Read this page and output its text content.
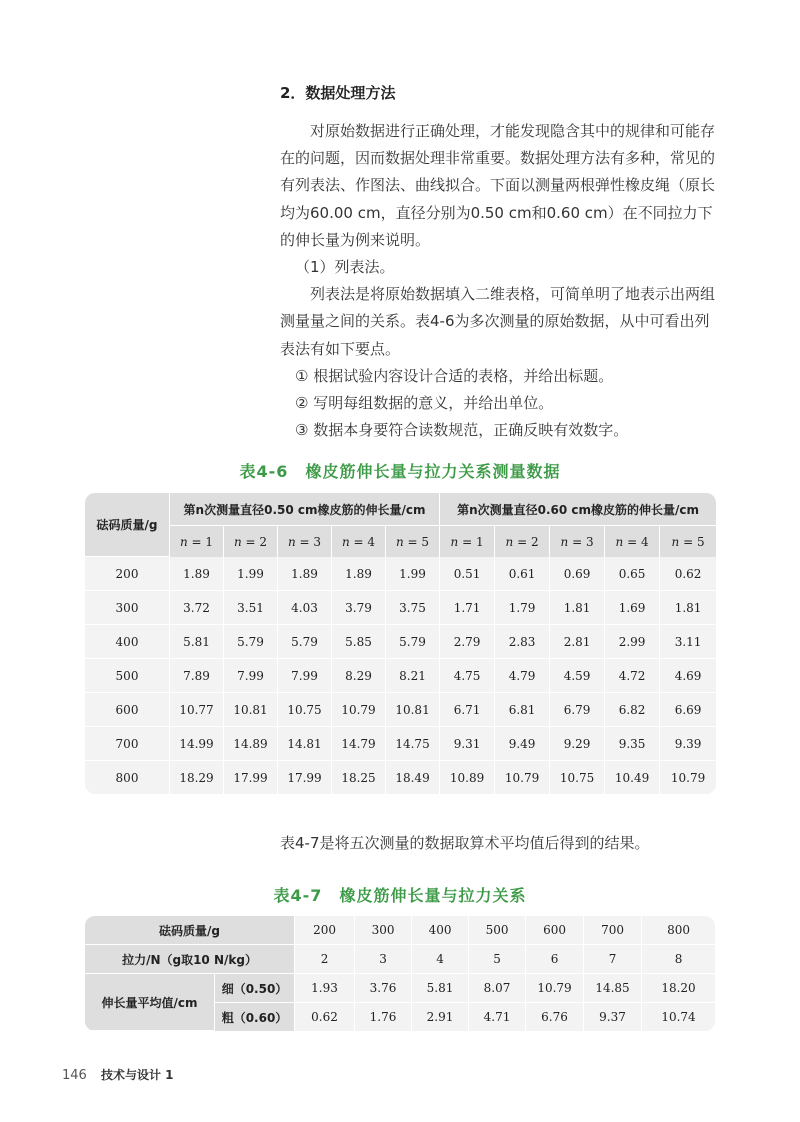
2．数据处理方法

对原始数据进行正确处理，才能发现隐含其中的规律和可能存在的问题，因而数据处理非常重要。数据处理方法有多种，常见的有列表法、作图法、曲线拟合。下面以测量两根弹性橡皮绳（原长均为60.00 cm，直径分别为0.50 cm和0.60 cm）在不同拉力下的伸长量为例来说明。

（1）列表法。

列表法是将原始数据填入二维表格，可简单明了地表示出两组测量量之间的关系。表4-6为多次测量的原始数据，从中可看出列表法有如下要点。

① 根据试验内容设计合适的表格，并给出标题。

② 写明每组数据的意义，并给出单位。

③ 数据本身要符合读数规范，正确反映有效数字。

表4-6　橡皮筋伸长量与拉力关系测量数据
砝码质量/g	第n次测量直径0.50 cm橡皮筋的伸长量/cm					第n次测量直径0.60 cm橡皮筋的伸长量/cm				
	n = 1	n = 2	n = 3	n = 4	n = 5	n = 1	n = 2	n = 3	n = 4	n = 5
200	1.89	1.99	1.89	1.89	1.99	0.51	0.61	0.69	0.65	0.62
300	3.72	3.51	4.03	3.79	3.75	1.71	1.79	1.81	1.69	1.81
400	5.81	5.79	5.79	5.85	5.79	2.79	2.83	2.81	2.99	3.11
500	7.89	7.99	7.99	8.29	8.21	4.75	4.79	4.59	4.72	4.69
600	10.77	10.81	10.75	10.79	10.81	6.71	6.81	6.79	6.82	6.69
700	14.99	14.89	14.81	14.79	14.75	9.31	9.49	9.29	9.35	9.39
800	18.29	17.99	17.99	18.25	18.49	10.89	10.79	10.75	10.49	10.79
表4-7是将五次测量的数据取算术平均值后得到的结果。
表4-7　橡皮筋伸长量与拉力关系
砝码质量/g		200	300	400	500	600	700	800
拉力/N（g取10 N/kg）		2	3	4	5	6	7	8
伸长量平均值/cm	细（0.50）	1.93	3.76	5.81	8.07	10.79	14.85	18.20
	粗（0.60）	0.62	1.76	2.91	4.71	6.76	9.37	10.74
146 技术与设计 1
